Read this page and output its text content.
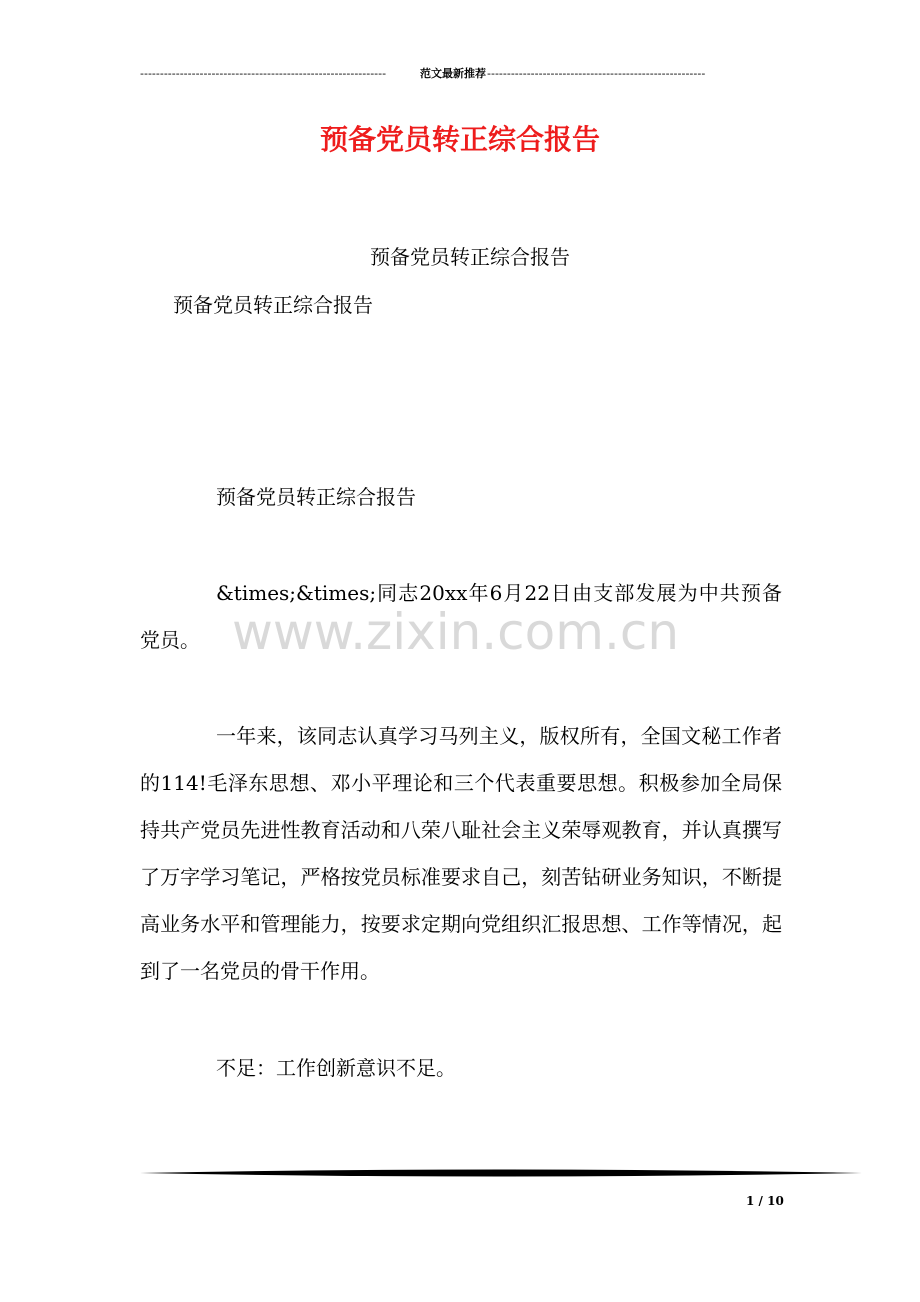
--------------------------------------------------------------	范文最新推荐 -------------------------------------------------------
预备党员转正综合报告
预备党员转正综合报告
预备党员转正综合报告
www.zixin.com.cn
预备党员转正综合报告
&times;&times;同志20xx年6月22日由支部发展为中共预备党员。
一年来，该同志认真学习马列主义，版权所有，全国文秘工作者的114!毛泽东思想、邓小平理论和三个代表重要思想。积极参加全局保持共产党员先进性教育活动和八荣八耻社会主义荣辱观教育，并认真撰写了万字学习笔记，严格按党员标准要求自己，刻苦钻研业务知识，不断提高业务水平和管理能力，按要求定期向党组织汇报思想、工作等情况，起到了一名党员的骨干作用。
不足：工作创新意识不足。
1 / 10
